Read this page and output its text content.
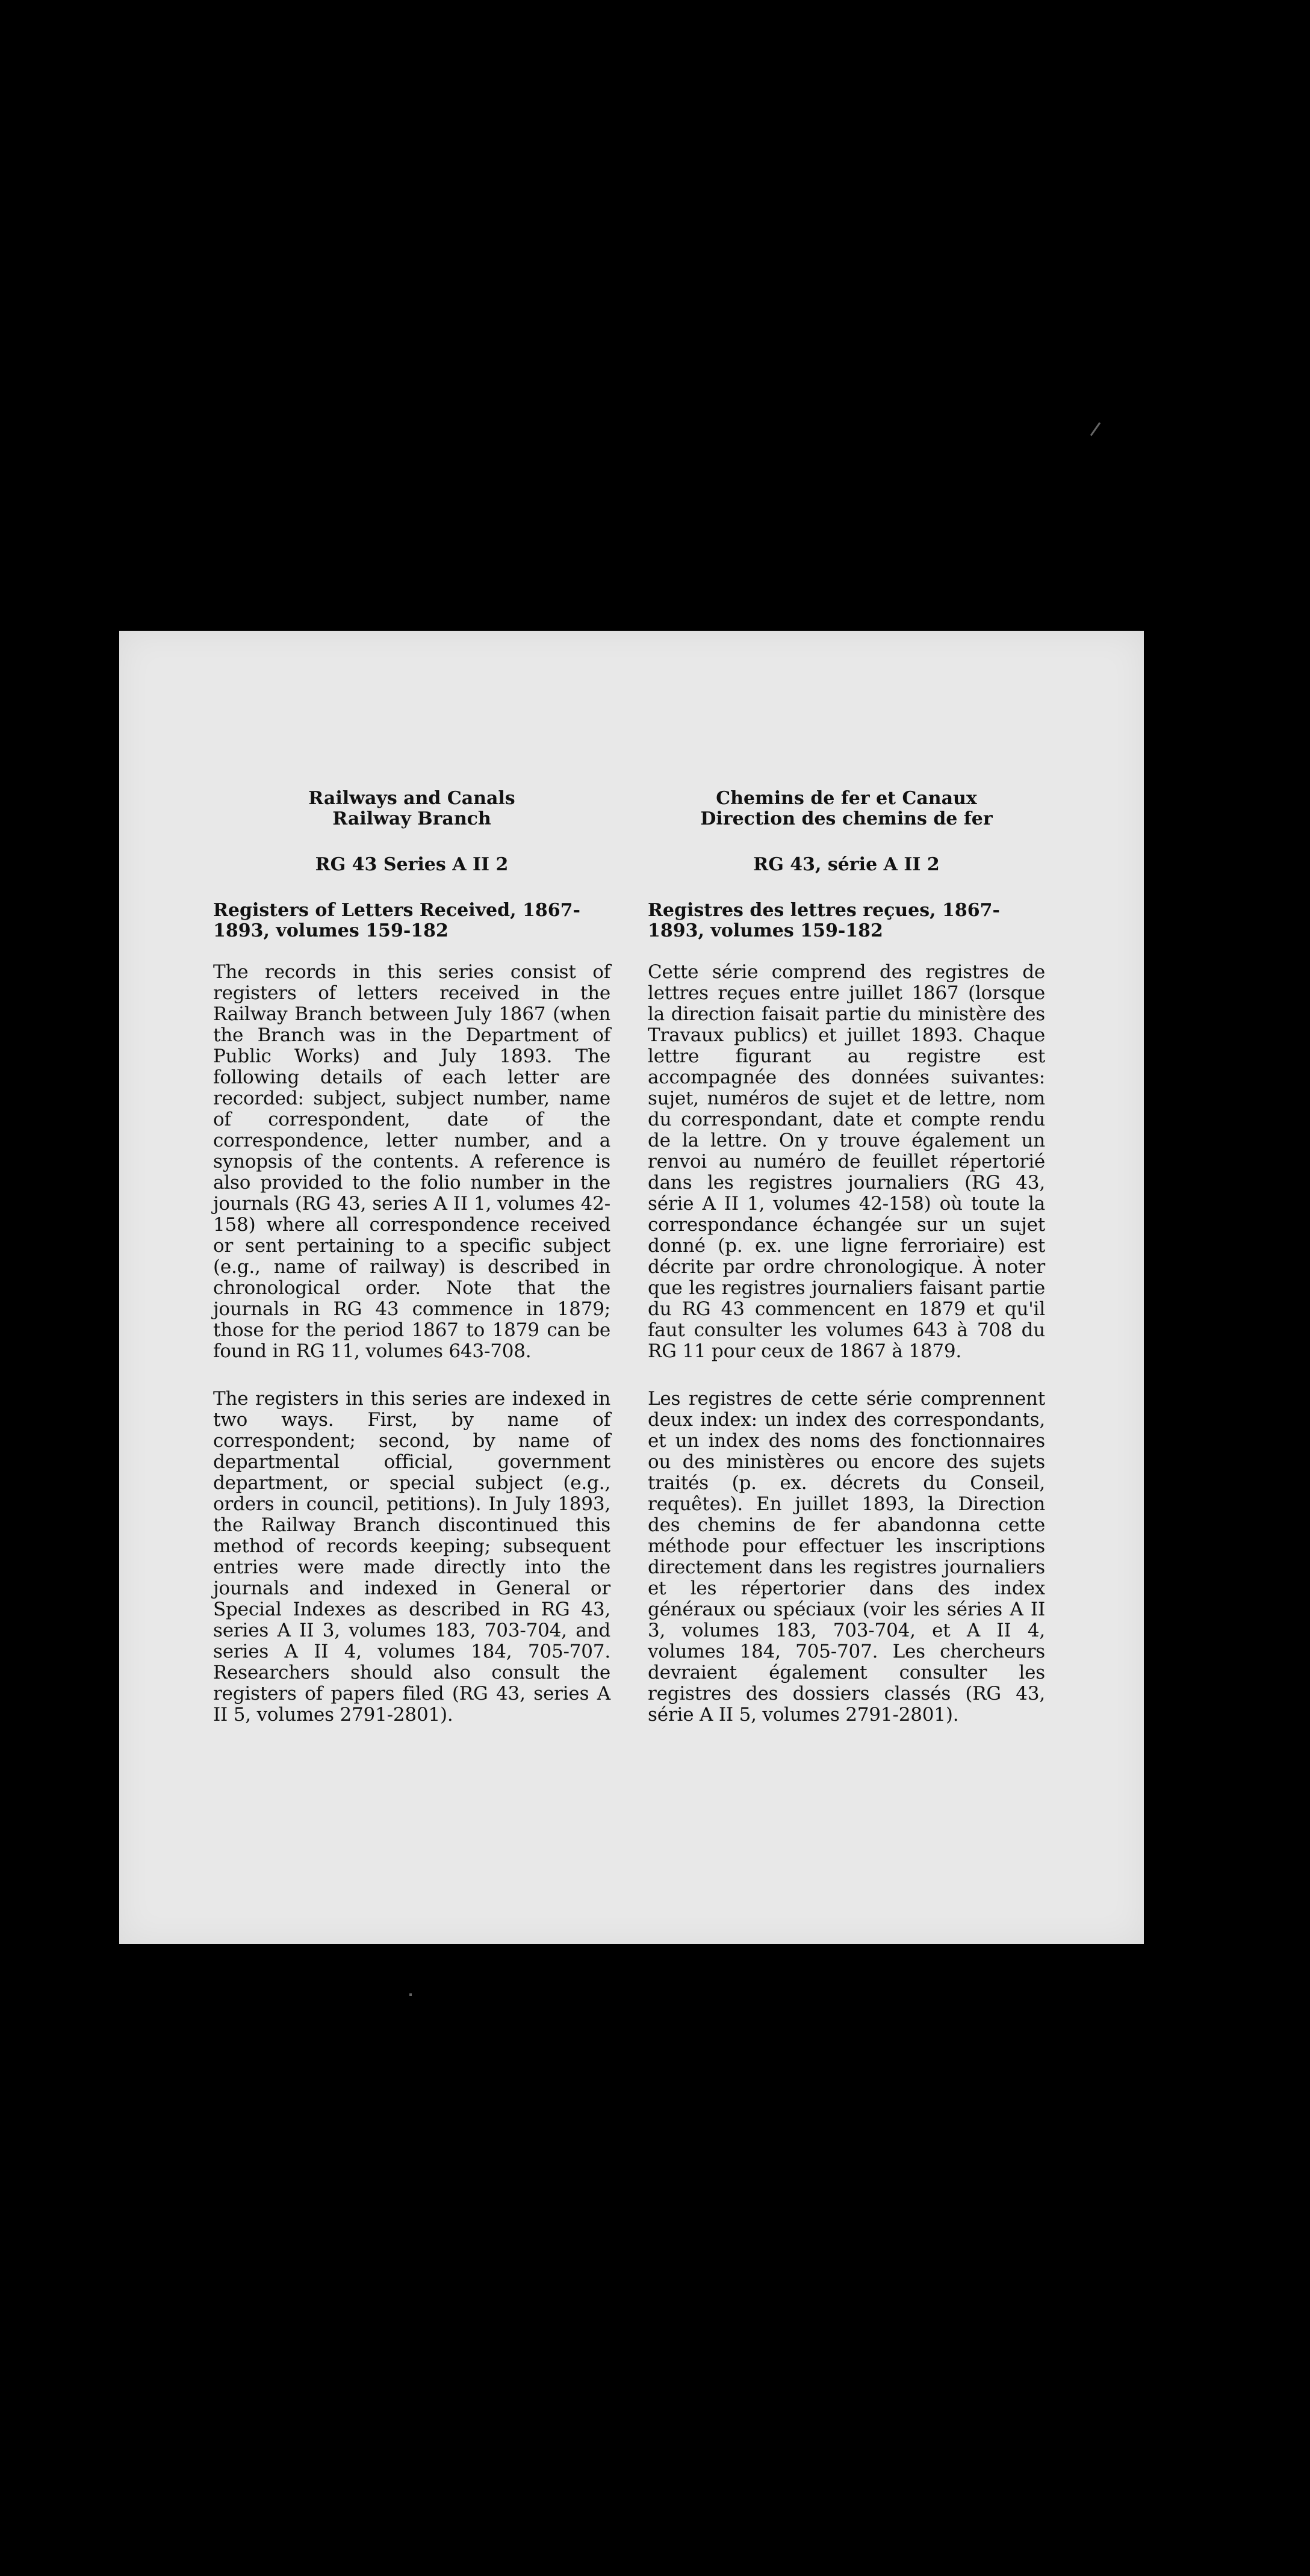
Railways and Canals
Railway Branch

RG 43 Series A II 2

Registers of Letters Received, 1867-1893, volumes 159-182

The records in this series consist of registers of letters received in the Railway Branch between July 1867 (when the Branch was in the Department of Public Works) and July 1893. The following details of each letter are recorded: subject, subject number, name of correspondent, date of the correspondence, letter number, and a synopsis of the contents. A reference is also provided to the folio number in the journals (RG 43, series A II 1, volumes 42-158) where all correspondence received or sent pertaining to a specific subject (e.g., name of railway) is described in chronological order. Note that the journals in RG 43 commence in 1879; those for the period 1867 to 1879 can be found in RG 11, volumes 643-708.

The registers in this series are indexed in two ways. First, by name of correspondent; second, by name of departmental official, government department, or special subject (e.g., orders in council, petitions). In July 1893, the Railway Branch discontinued this method of records keeping; subsequent entries were made directly into the journals and indexed in General or Special Indexes as described in RG 43, series A II 3, volumes 183, 703-704, and series A II 4, volumes 184, 705-707. Researchers should also consult the registers of papers filed (RG 43, series A II 5, volumes 2791-2801).

Chemins de fer et Canaux
Direction des chemins de fer

RG 43, série A II 2

Registres des lettres reçues, 1867-1893, volumes 159-182

Cette série comprend des registres de lettres reçues entre juillet 1867 (lorsque la direction faisait partie du ministère des Travaux publics) et juillet 1893. Chaque lettre figurant au registre est accompagnée des données suivantes: sujet, numéros de sujet et de lettre, nom du correspondant, date et compte rendu de la lettre. On y trouve également un renvoi au numéro de feuillet répertorié dans les registres journaliers (RG 43, série A II 1, volumes 42-158) où toute la correspondance échangée sur un sujet donné (p. ex. une ligne ferroriaire) est décrite par ordre chronologique. À noter que les registres journaliers faisant partie du RG 43 commencent en 1879 et qu'il faut consulter les volumes 643 à 708 du RG 11 pour ceux de 1867 à 1879.

Les registres de cette série comprennent deux index: un index des correspondants, et un index des noms des fonctionnaires ou des ministères ou encore des sujets traités (p. ex. décrets du Conseil, requêtes). En juillet 1893, la Direction des chemins de fer abandonna cette méthode pour effectuer les inscriptions directement dans les registres journaliers et les répertorier dans des index généraux ou spéciaux (voir les séries A II 3, volumes 183, 703-704, et A II 4, volumes 184, 705-707. Les chercheurs devraient également consulter les registres des dossiers classés (RG 43, série A II 5, volumes 2791-2801).
